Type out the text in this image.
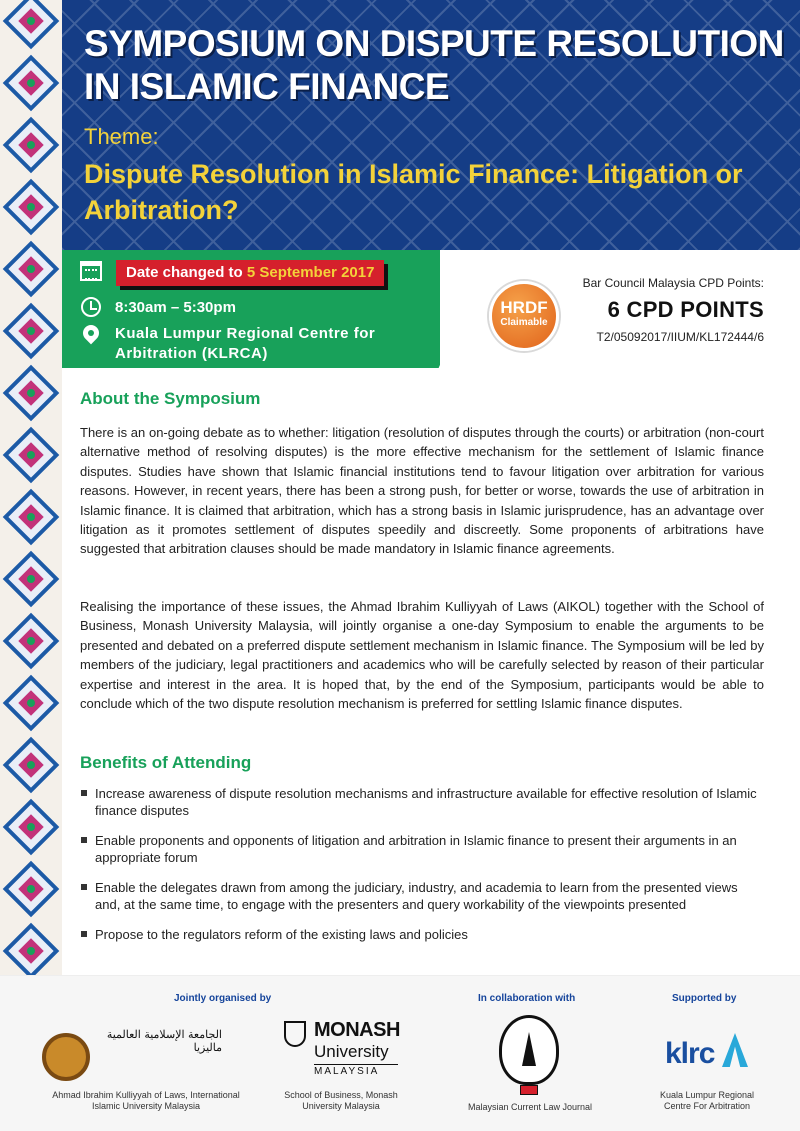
SYMPOSIUM ON DISPUTE RESOLUTION IN ISLAMIC FINANCE
Theme:
Dispute Resolution in Islamic Finance: Litigation or Arbitration?
Date changed to 5 September 2017
8:30am – 5:30pm
Kuala Lumpur Regional Centre for Arbitration (KLRCA)
HRDF
Claimable
Bar Council Malaysia CPD Points:
6 CPD POINTS
T2/05092017/IIUM/KL172444/6
About the Symposium

There is an on-going debate as to whether: litigation (resolution of disputes through the courts) or arbitration (non-court alternative method of resolving disputes) is the more effective mechanism for the settlement of Islamic finance disputes. Studies have shown that Islamic financial institutions tend to favour litigation over arbitration for various reasons. However, in recent years, there has been a strong push, for better or worse, towards the use of arbitration in Islamic finance. It is claimed that arbitration, which has a strong basis in Islamic jurisprudence, has an advantage over litigation as it promotes settlement of disputes speedily and discreetly. Some proponents of arbitrations have suggested that arbitration clauses should be made mandatory in Islamic finance agreements.

Realising the importance of these issues, the Ahmad Ibrahim Kulliyyah of Laws (AIKOL) together with the School of Business, Monash University Malaysia, will jointly organise a one-day Symposium to enable the arguments to be presented and debated on a preferred dispute settlement mechanism in Islamic finance. The Symposium will be led by members of the judiciary, legal practitioners and academics who will be carefully selected by reason of their particular expertise and interest in the area. It is hoped that, by the end of the Symposium, participants would be able to conclude which of the two dispute resolution mechanism is preferred for settling Islamic finance disputes.

Benefits of Attending
Increase awareness of dispute resolution mechanisms and infrastructure available for effective resolution of Islamic finance disputes
Enable proponents and opponents of litigation and arbitration in Islamic finance to present their arguments in an appropriate forum
Enable the delegates drawn from among the judiciary, industry, and academia to learn from the presented views and, at the same time, to engage with the presenters and query workability of the viewpoints presented
Propose to the regulators reform of the existing laws and policies
Jointly organised by	In collaboration with	Supported by
الجامعة الإسلامية العالمية ماليزيا
Ahmad Ibrahim Kulliyyah of Laws, International Islamic University Malaysia
MONASH
University
MALAYSIA
School of Business, Monash University Malaysia	Malaysian Current Law Journal
klrc
Kuala Lumpur Regional Centre For Arbitration
